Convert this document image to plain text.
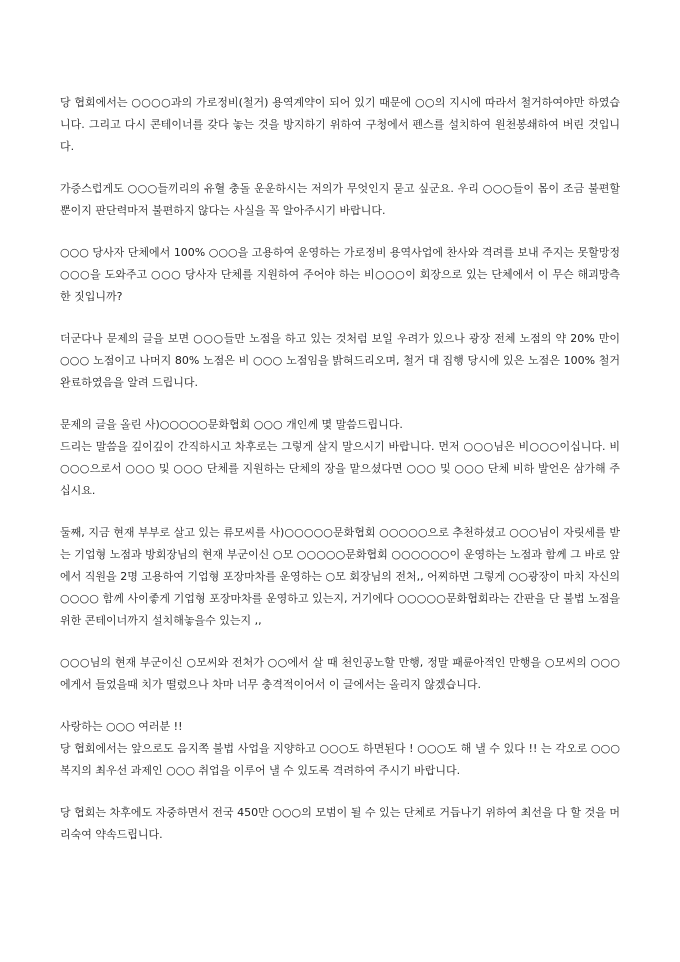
당 협회에서는 ○○○○과의 가로정비(철거) 용역계약이 되어 있기 때문에 ○○의 지시에 따라서 철거하여야만 하였습니다. 그리고 다시 콘테이너를 갖다 놓는 것을 방지하기 위하여 구청에서 펜스를 설치하여 원천봉쇄하여 버린 것입니다.

가증스럽게도 ○○○들끼리의 유혈 충돌 운운하시는 저의가 무엇인지 묻고 싶군요. 우리 ○○○들이 몸이 조금 불편할 뿐이지 판단력마저 불편하지 않다는 사실을 꼭 알아주시기 바랍니다.

○○○ 당사자 단체에서 100% ○○○을 고용하여 운영하는 가로정비 용역사업에 찬사와 격려를 보내 주지는 못할망정 ○○○을 도와주고 ○○○ 당사자 단체를 지원하여 주어야 하는 비○○○이 회장으로 있는 단체에서 이 무슨 해괴망측한 짓입니까?

더군다나 문제의 글을 보면 ○○○들만 노점을 하고 있는 것처럼 보일 우려가 있으나 광장 전체 노점의 약 20% 만이 ○○○ 노점이고 나머지 80% 노점은 비 ○○○ 노점임을 밝혀드리오며, 철거 대 집행 당시에 있은 노점은 100% 철거 완료하였음을 알려 드립니다.

문제의 글을 올린 사)○○○○○문화협회 ○○○ 개인께 몇 말씀드립니다.
드리는 말씀을 깊이깊이 간직하시고 차후로는 그렇게 살지 말으시기 바랍니다. 먼저 ○○○님은 비○○○이십니다. 비○○○으로서 ○○○ 및 ○○○ 단체를 지원하는 단체의 장을 맡으셨다면 ○○○ 및 ○○○ 단체 비하 발언은 삼가해 주십시요.

둘째, 지금 현재 부부로 살고 있는 류모씨를 사)○○○○○문화협회 ○○○○○으로 추천하셨고 ○○○님이 자릿세를 받는 기업형 노점과 방회장님의 현재 부군이신 ○모 ○○○○○문화협회 ○○○○○○이 운영하는 노점과 함께 그 바로 앞에서 직원을 2명 고용하여 기업형 포장마차를 운영하는 ○모 회장님의 전처,, 어찌하면 그렇게 ○○광장이 마치 자신의 ○○○○ 함께 사이좋게 기업형 포장마차를 운영하고 있는지, 거기에다 ○○○○○문화협회라는 간판을 단 불법 노점을 위한 콘테이너까지 설치해놓을수 있는지 ,,

○○○님의 현재 부군이신 ○모씨와 전처가 ○○에서 살 때 천인공노할 만행, 정말 패륜아적인 만행을 ○모씨의 ○○○에게서 들었을때 치가 떨렸으나 차마 너무 충격적이어서 이 글에서는 올리지 않겠습니다.

사랑하는 ○○○ 여러분 !!
당 협회에서는 앞으로도 음지쪽 불법 사업을 지양하고 ○○○도 하면된다 ! ○○○도 해 낼 수 있다 !! 는 각오로 ○○○ 복지의 최우선 과제인 ○○○ 취업을 이루어 낼 수 있도록 격려하여 주시기 바랍니다.

당 협회는 차후에도 자중하면서 전국 450만 ○○○의 모범이 될 수 있는 단체로 거듭나기 위하여 최선을 다 할 것을 머리숙여 약속드립니다.
